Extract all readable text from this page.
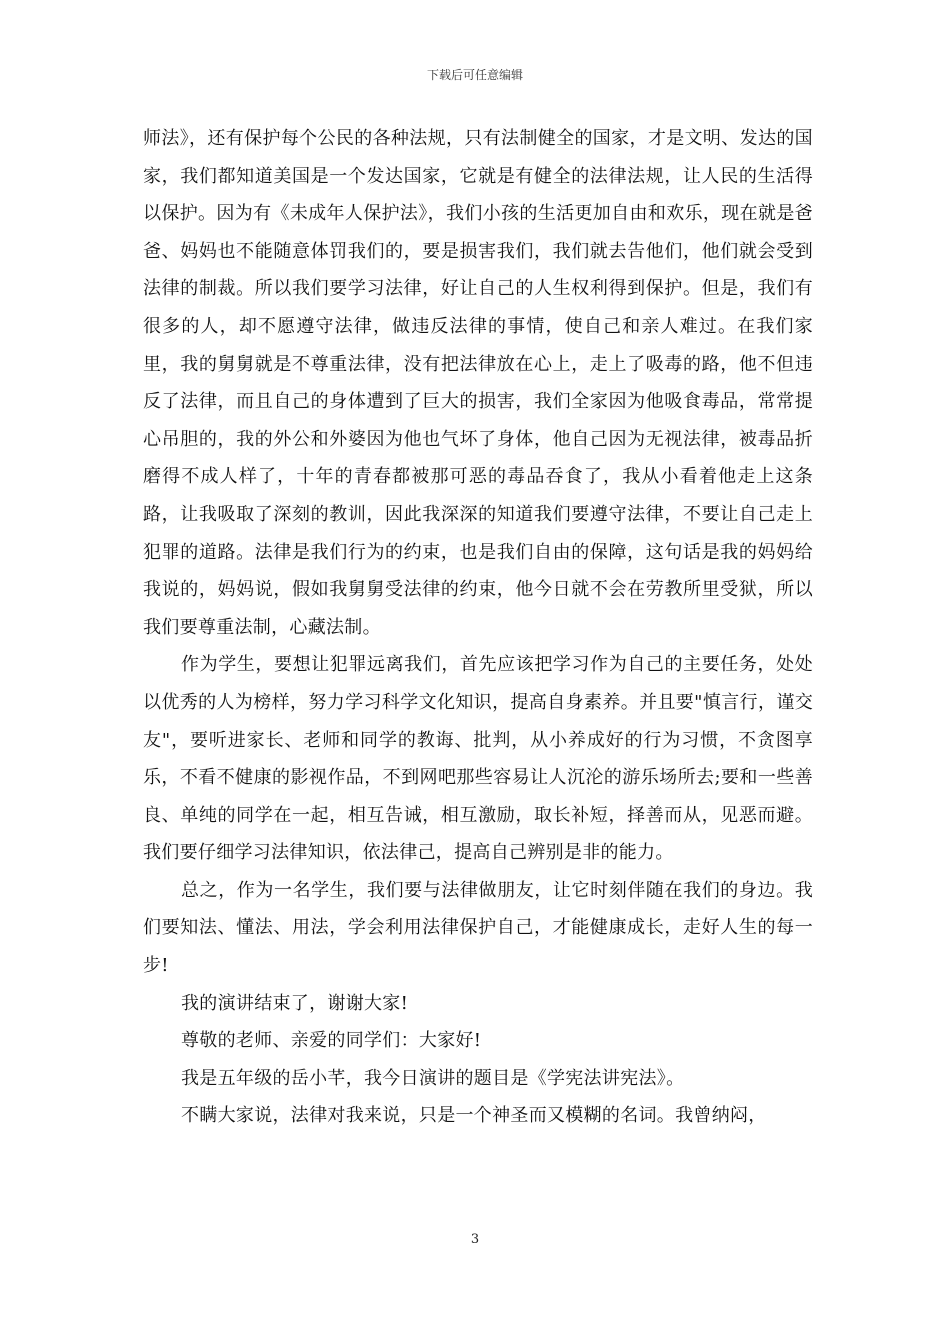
下载后可任意编辑

师法》，还有保护每个公民的各种法规，只有法制健全的国家，才是文明、发达的国家，我们都知道美国是一个发达国家，它就是有健全的法律法规，让人民的生活得以保护。因为有《未成年人保护法》，我们小孩的生活更加自由和欢乐，现在就是爸爸、妈妈也不能随意体罚我们的，要是损害我们，我们就去告他们，他们就会受到法律的制裁。所以我们要学习法律，好让自己的人生权利得到保护。但是，我们有很多的人，却不愿遵守法律，做违反法律的事情，使自己和亲人难过。在我们家里，我的舅舅就是不尊重法律，没有把法律放在心上，走上了吸毒的路，他不但违反了法律，而且自己的身体遭到了巨大的损害，我们全家因为他吸食毒品，常常提心吊胆的，我的外公和外婆因为他也气坏了身体，他自己因为无视法律，被毒品折磨得不成人样了，十年的青春都被那可恶的毒品吞食了，我从小看着他走上这条路，让我吸取了深刻的教训，因此我深深的知道我们要遵守法律，不要让自己走上犯罪的道路。法律是我们行为的约束，也是我们自由的保障，这句话是我的妈妈给我说的，妈妈说，假如我舅舅受法律的约束，他今日就不会在劳教所里受狱，所以我们要尊重法制，心藏法制。

作为学生，要想让犯罪远离我们，首先应该把学习作为自己的主要任务，处处以优秀的人为榜样，努力学习科学文化知识，提高自身素养。并且要"慎言行，谨交友"，要听进家长、老师和同学的教诲、批判，从小养成好的行为习惯，不贪图享乐，不看不健康的影视作品，不到网吧那些容易让人沉沦的游乐场所去;要和一些善良、单纯的同学在一起，相互告诫，相互激励，取长补短，择善而从，见恶而避。我们要仔细学习法律知识，依法律己，提高自己辨别是非的能力。

总之，作为一名学生，我们要与法律做朋友，让它时刻伴随在我们的身边。我们要知法、懂法、用法，学会利用法律保护自己，才能健康成长，走好人生的每一步!

我的演讲结束了，谢谢大家!

尊敬的老师、亲爱的同学们：大家好!

我是五年级的岳小芊，我今日演讲的题目是《学宪法讲宪法》。

不瞒大家说，法律对我来说，只是一个神圣而又模糊的名词。我曾纳闷，

3
